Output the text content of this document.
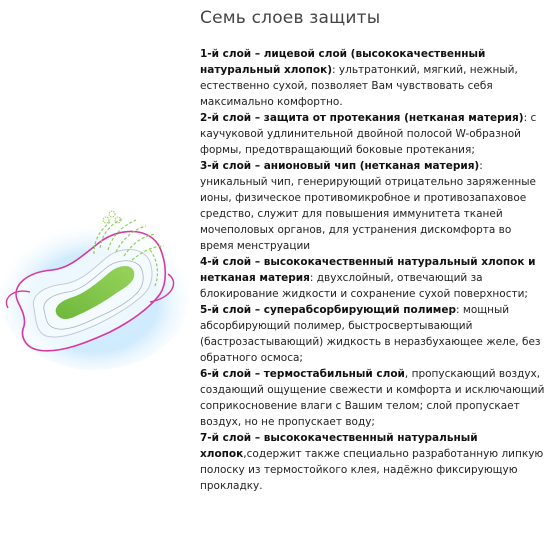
Семь слоев защиты
1-й слой – лицевой слой (высококачественный натуральный хлопок): ультратонкий, мягкий, нежный, естественно сухой, позволяет Вам чувствовать себя максимально комфортно.
2-й слой – защита от протекания (нетканая материя): с каучуковой удлинительной двойной полосой W-образной формы, предотвращающий боковые протекания;
3-й слой – анионовый чип (нетканая материя): уникальный чип, генерирующий отрицательно заряженные ионы, физическое противомикробное и противозапаховое средство, служит для повышения иммунитета тканей мочеполовых органов, для устранения дискомфорта во время менструации
4-й слой – высококачественный натуральный хлопок и нетканая материя: двухслойный, отвечающий за блокирование жидкости и сохранение сухой поверхности;
5-й слой – суперабсорбирующий полимер: мощный абсорбирующий полимер, быстросвертывающий (бастрозастывающий) жидкость в неразбухающее желе, без обратного осмоса;
6-й слой – термостабильный слой, пропускающий воздух, создающий ощущение свежести и комфорта и исключающий соприкосновение влаги с Вашим телом; слой пропускает воздух, но не пропускает воду;
7-й слой – высококачественный натуральный хлопок,содержит также специально разработанную липкую полоску из термостойкого клея, надёжно фиксирующую прокладку.
